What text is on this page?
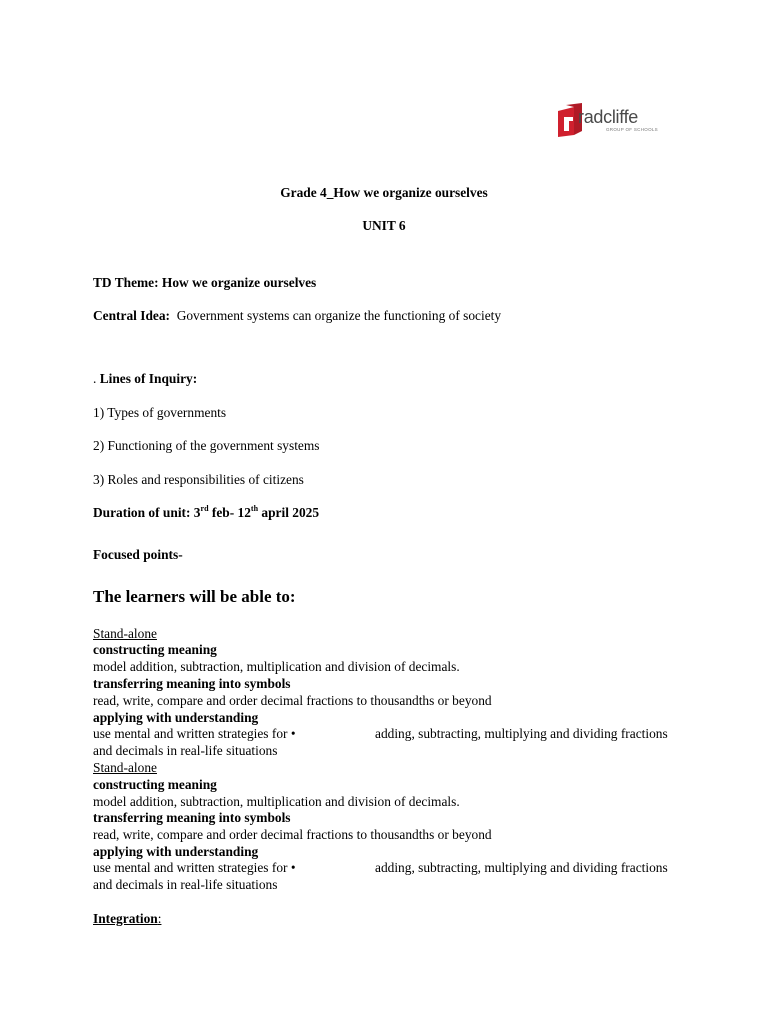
radcliffe
GROUP OF SCHOOLS
Grade 4_How we organize ourselves
UNIT 6
TD Theme: How we organize ourselves
Central Idea: Government systems can organize the functioning of society
. Lines of Inquiry:
1) Types of governments
2) Functioning of the government systems
3) Roles and responsibilities of citizens
Duration of unit: 3rd feb- 12th april 2025
Focused points-
The learners will be able to:
Stand-alone
constructing meaning
model addition, subtraction, multiplication and division of decimals.
transferring meaning into symbols
read, write, compare and order decimal fractions to thousandths or beyond
applying with understanding
use mental and written strategies for •	adding, subtracting, multiplying and dividing fractions
and decimals in real-life situations
Stand-alone
constructing meaning
model addition, subtraction, multiplication and division of decimals.
transferring meaning into symbols
read, write, compare and order decimal fractions to thousandths or beyond
applying with understanding
use mental and written strategies for •	adding, subtracting, multiplying and dividing fractions
and decimals in real-life situations
Integration:
